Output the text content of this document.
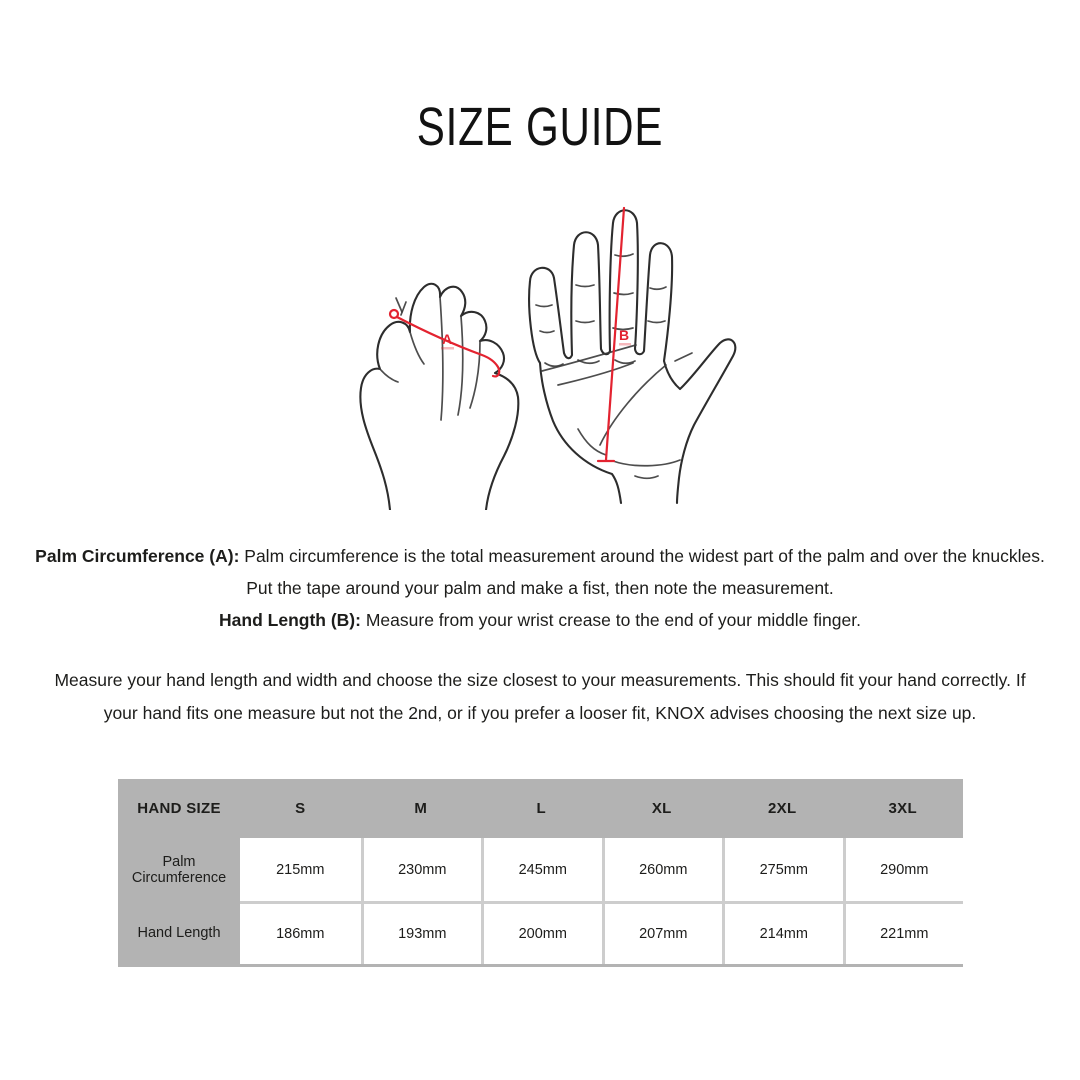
SIZE GUIDE
A	B

Palm Circumference (A): Palm circumference is the total measurement around the widest part of the palm and over the knuckles.

Put the tape around your palm and make a fist, then note the measurement.

Hand Length (B): Measure from your wrist crease to the end of your middle finger.

Measure your hand length and width and choose the size closest to your measurements. This should fit your hand correctly. If your hand fits one measure but not the 2nd, or if you prefer a looser fit, KNOX advises choosing the next size up.
HAND SIZE	S	M	L	XL	2XL	3XL
Palm Circumference	215mm	230mm	245mm	260mm	275mm	290mm
Hand Length	186mm	193mm	200mm	207mm	214mm	221mm
